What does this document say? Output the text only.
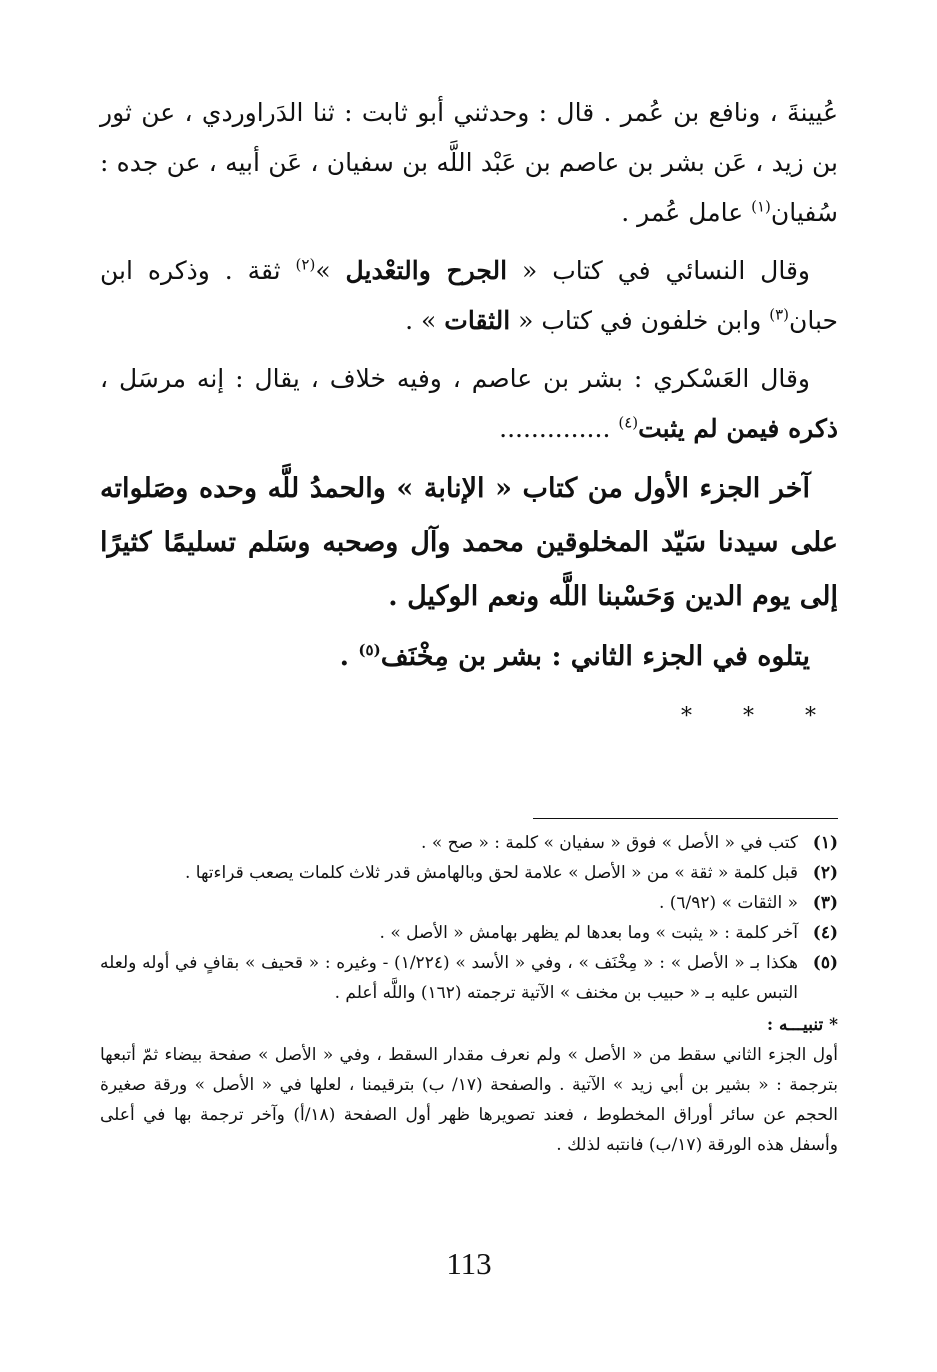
عُيينةَ ، ونافع بن عُمر . قال : وحدثني أبو ثابت : ثنا الدَراوردي ، عن ثور بن زيد ، عَن بشر بن عاصم بن عَبْد اللَّه بن سفيان ، عَن أبيه ، عن جده : سُفيان$^{(١)}$ عامل عُمر .

وقال النسائي في كتاب « الجرح والتعْديل »$^{(٢)}$ ثقة . وذكره ابن حبان$^{(٣)}$ وابن خلفون في كتاب « الثقات » .

وقال العَسْكري : بشر بن عاصم ، وفيه خلاف ، يقال : إنه مرسَل ، ذكره فيمن لم يثبت$^{(٤)}$ ..............

آخر الجزء الأول من كتاب « الإنابة » والحمدُ للَّه وحده وصَلواته على سيدنا سَيّد المخلوقين محمد وآل وصحبه وسَلم تسليمًا كثيرًا إلى يوم الدين وَحَسْبنا اللَّه ونعم الوكيل .

يتلوه في الجزء الثاني : بشر بن مِخْنَف$^{(٥)}$ .

* * *
(١)
كتب في « الأصل » فوق « سفيان » كلمة : « صح » .
(٢)
قبل كلمة « ثقة » من « الأصل » علامة لحق وبالهامش قدر ثلاث كلمات يصعب قراءتها .
(٣)
« الثقات » (٦/٩٢) .
(٤)
آخر كلمة : « يثبت » وما بعدها لم يظهر بهامش « الأصل » .
(٥)
هكذا بـ « الأصل » : « مِخْنَف » ، وفي « الأسد » (١/٢٢٤) - وغيره : « قحيف » بقافٍ في أوله ولعله التبس عليه بـ « حبيب بن مخنف » الآتية ترجمته (١٦٢) واللَّه أعلم .
* تنبيـــه :
أول الجزء الثاني سقط من « الأصل » ولم نعرف مقدار السقط ، وفي « الأصل » صفحة بيضاء ثمّ أتبعها بترجمة : « بشير بن أبي زيد » الآتية . والصفحة (١٧/ ب) بترقيمنا ، لعلها في « الأصل » ورقة صغيرة الحجم عن سائر أوراق المخطوط ، فعند تصويرها ظهر أول الصفحة (١٨/أ) وآخر ترجمة بها في أعلى وأسفل هذه الورقة (١٧/ب) فانتبه لذلك .
113
